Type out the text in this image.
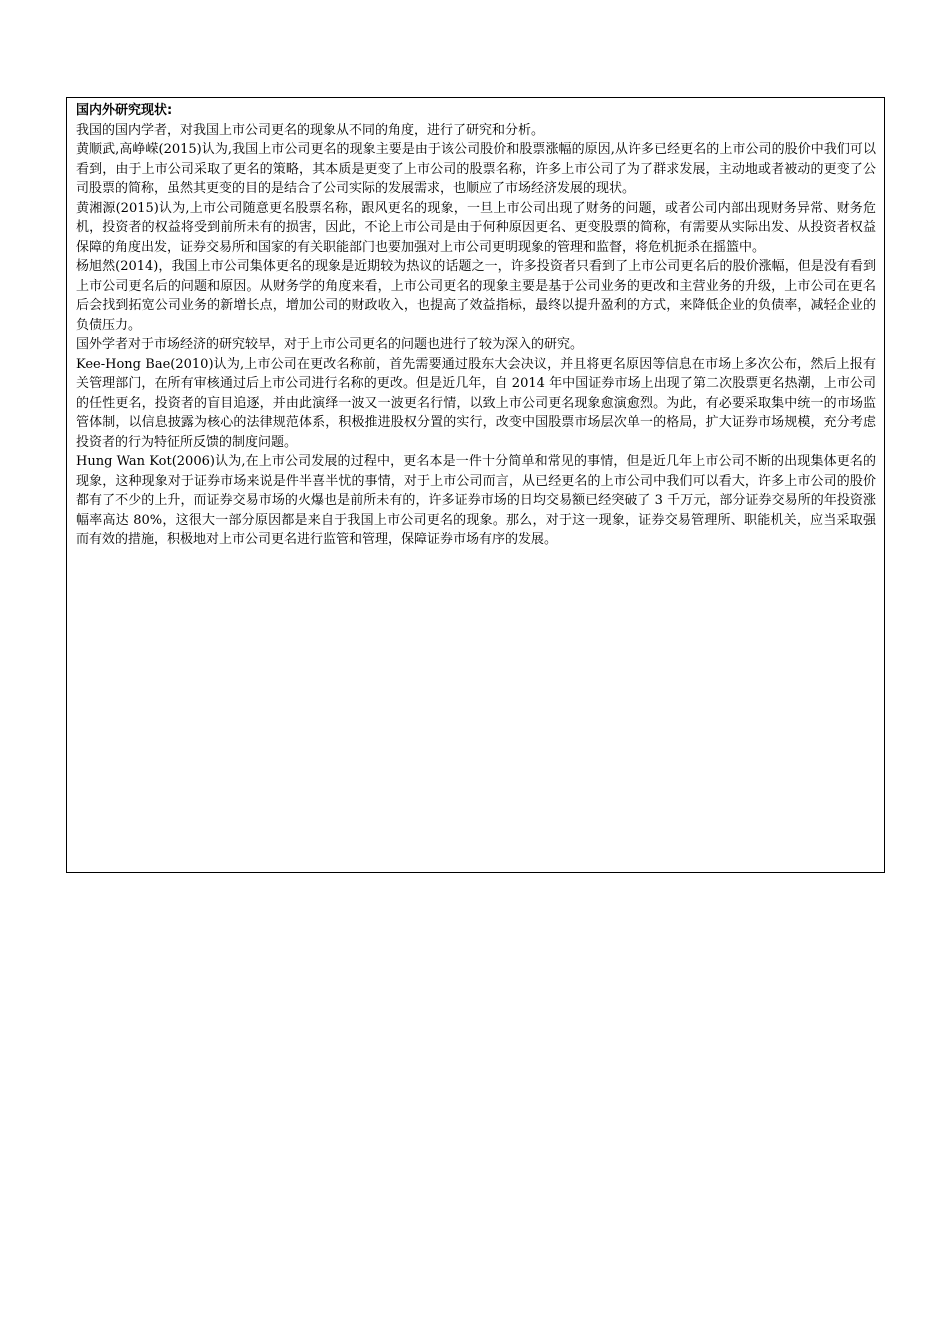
国内外研究现状:

我国的国内学者，对我国上市公司更名的现象从不同的角度，进行了研究和分析。

黄顺武,高峥嵘(2015)认为,我国上市公司更名的现象主要是由于该公司股价和股票涨幅的原因,从许多已经更名的上市公司的股价中我们可以看到，由于上市公司采取了更名的策略，其本质是更变了上市公司的股票名称，许多上市公司了为了群求发展，主动地或者被动的更变了公司股票的简称，虽然其更变的目的是结合了公司实际的发展需求，也顺应了市场经济发展的现状。

黄湘源(2015)认为,上市公司随意更名股票名称，跟风更名的现象，一旦上市公司出现了财务的问题，或者公司内部出现财务异常、财务危机，投资者的权益将受到前所未有的损害，因此，不论上市公司是由于何种原因更名、更变股票的简称，有需要从实际出发、从投资者权益保障的角度出发，证券交易所和国家的有关职能部门也要加强对上市公司更明现象的管理和监督，将危机扼杀在摇篮中。

杨旭然(2014)，我国上市公司集体更名的现象是近期较为热议的话题之一，许多投资者只看到了上市公司更名后的股价涨幅，但是没有看到上市公司更名后的问题和原因。从财务学的角度来看，上市公司更名的现象主要是基于公司业务的更改和主营业务的升级，上市公司在更名后会找到拓宽公司业务的新增长点，增加公司的财政收入，也提高了效益指标，最终以提升盈利的方式，来降低企业的负债率，减轻企业的负债压力。

国外学者对于市场经济的研究较早，对于上市公司更名的问题也进行了较为深入的研究。

Kee-Hong Bae(2010)认为,上市公司在更改名称前，首先需要通过股东大会决议，并且将更名原因等信息在市场上多次公布，然后上报有关管理部门，在所有审核通过后上市公司进行名称的更改。但是近几年，自 2014 年中国证券市场上出现了第二次股票更名热潮，上市公司的任性更名，投资者的盲目追逐，并由此演绎一波又一波更名行情，以致上市公司更名现象愈演愈烈。为此，有必要采取集中统一的市场监管体制，以信息披露为核心的法律规范体系，积极推进股权分置的实行，改变中国股票市场层次单一的格局，扩大证券市场规模，充分考虑投资者的行为特征所反馈的制度问题。

Hung Wan Kot(2006)认为,在上市公司发展的过程中，更名本是一件十分简单和常见的事情，但是近几年上市公司不断的出现集体更名的现象，这种现象对于证券市场来说是件半喜半忧的事情，对于上市公司而言，从已经更名的上市公司中我们可以看大，许多上市公司的股价都有了不少的上升，而证券交易市场的火爆也是前所未有的，许多证券市场的日均交易额已经突破了 3 千万元，部分证券交易所的年投资涨幅率高达 80%，这很大一部分原因都是来自于我国上市公司更名的现象。那么，对于这一现象，证券交易管理所、职能机关，应当采取强而有效的措施，积极地对上市公司更名进行监管和管理，保障证券市场有序的发展。
